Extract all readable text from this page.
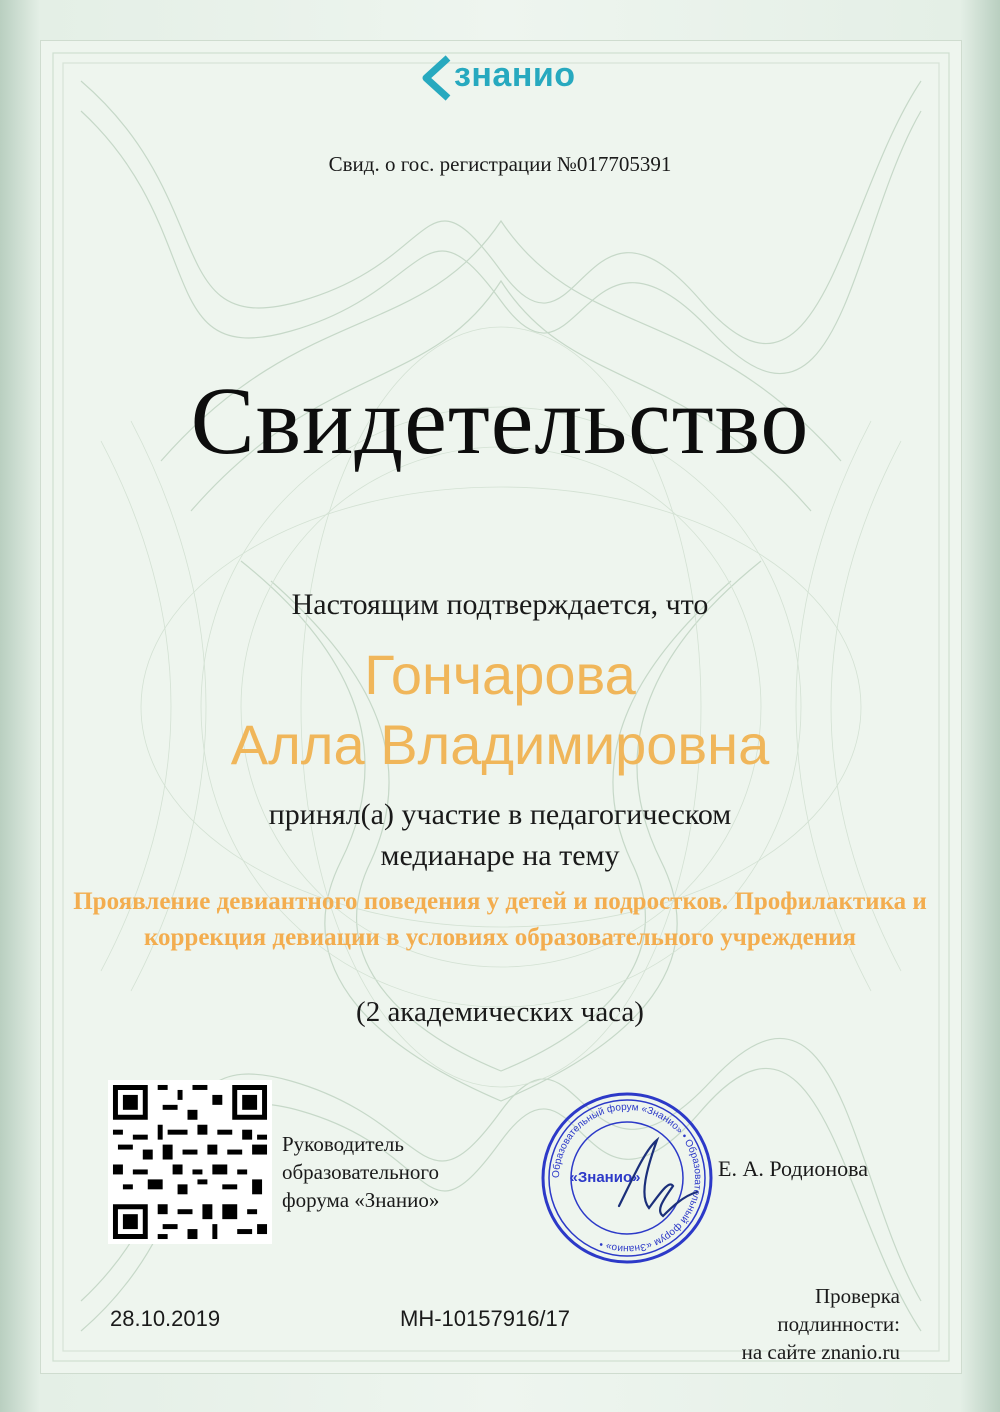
знанио
Свид. о гос. регистрации №017705391
Свидетельство
Настоящим подтверждается, что
Гончарова
Алла Владимировна
принял(а) участие в педагогическом
медианаре на тему
Проявление девиантного поведения у детей и подростков. Профилактика и коррекция девиации в условиях образовательного учреждения
(2 академических часа)
Руководитель
образовательного
форума «Знанио»
Образовательный форум «Знанио» • Образовательный форум «Знанио» •
«Знанио»	Е. А. Родионова
28.10.2019	МН-10157916/17
Проверка
подлинности:
на сайте znanio.ru
